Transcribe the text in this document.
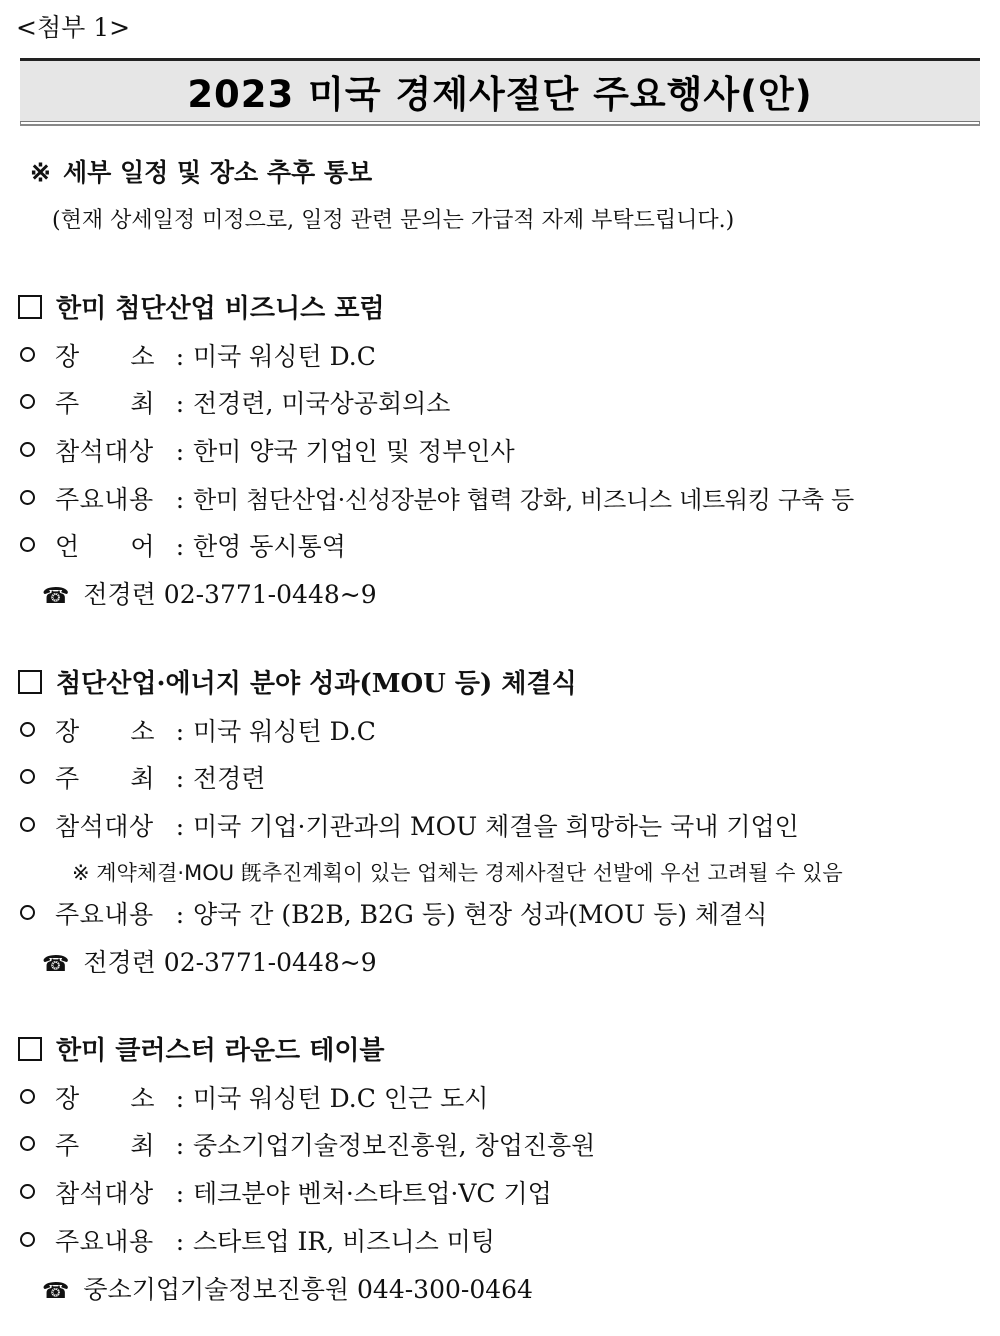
<첨부 1>
2023 미국 경제사절단 주요행사(안)
※ 세부 일정 및 장소 추후 통보
(현재 상세일정 미정으로, 일정 관련 문의는 가급적 자제 부탁드립니다.)
한미 첨단산업 비즈니스 포럼
장      소 : 미국 워싱턴 D.C
주      최 : 전경련, 미국상공회의소
참석대상 : 한미 양국 기업인 및 정부인사
주요내용 : 한미 첨단산업·신성장분야 협력 강화, 비즈니스 네트워킹 구축 등
언      어 : 한영 동시통역
☎ 전경련 02-3771-0448~9
첨단산업·에너지 분야 성과(MOU 등) 체결식
장      소 : 미국 워싱턴 D.C
주      최 : 전경련
참석대상 : 미국 기업·기관과의 MOU 체결을 희망하는 국내 기업인
※ 계약체결·MOU 旣추진계획이 있는 업체는 경제사절단 선발에 우선 고려될 수 있음
주요내용 : 양국 간 (B2B, B2G 등) 현장 성과(MOU 등) 체결식
☎ 전경련 02-3771-0448~9
한미 클러스터 라운드 테이블
장      소 : 미국 워싱턴 D.C 인근 도시
주      최 : 중소기업기술정보진흥원, 창업진흥원
참석대상 : 테크분야 벤처·스타트업·VC 기업
주요내용 : 스타트업 IR, 비즈니스 미팅
☎ 중소기업기술정보진흥원 044-300-0464
